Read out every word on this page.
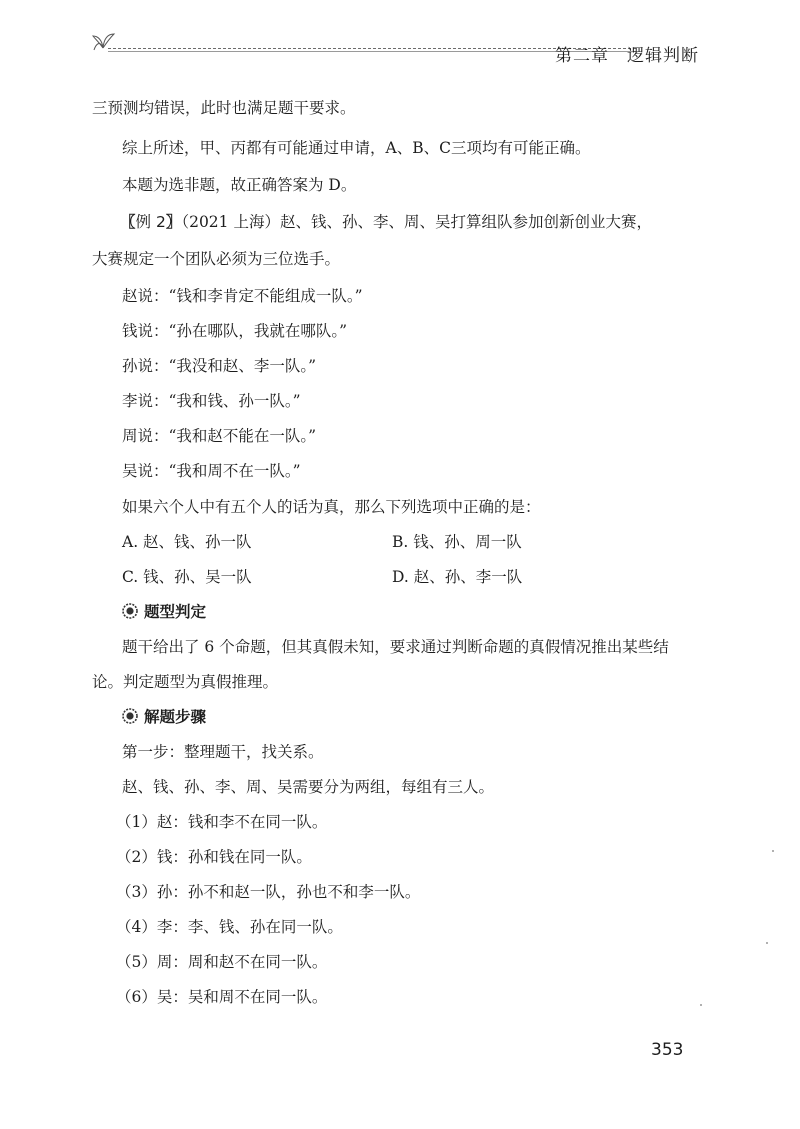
第二章 逻辑判断
三预测均错误，此时也满足题干要求。
综上所述，甲、丙都有可能通过申请，A、B、C三项均有可能正确。
本题为选非题，故正确答案为 D。
〖例 2〗（2021 上海）赵、钱、孙、李、周、吴打算组队参加创新创业大赛，
大赛规定一个团队必须为三位选手。
赵说：“钱和李肯定不能组成一队。”
钱说：“孙在哪队，我就在哪队。”
孙说：“我没和赵、李一队。”
李说：“我和钱、孙一队。”
周说：“我和赵不能在一队。”
吴说：“我和周不在一队。”
如果六个人中有五个人的话为真，那么下列选项中正确的是：
A. 赵、钱、孙一队	B. 钱、孙、周一队
C. 钱、孙、吴一队	D. 赵、孙、李一队
题型判定
题干给出了 6 个命题，但其真假未知，要求通过判断命题的真假情况推出某些结
论。判定题型为真假推理。
解题步骤
第一步：整理题干，找关系。
赵、钱、孙、李、周、吴需要分为两组，每组有三人。
（1）赵：钱和李不在同一队。
（2）钱：孙和钱在同一队。
（3）孙：孙不和赵一队，孙也不和李一队。
（4）李：李、钱、孙在同一队。
（5）周：周和赵不在同一队。
（6）吴：吴和周不在同一队。
353
